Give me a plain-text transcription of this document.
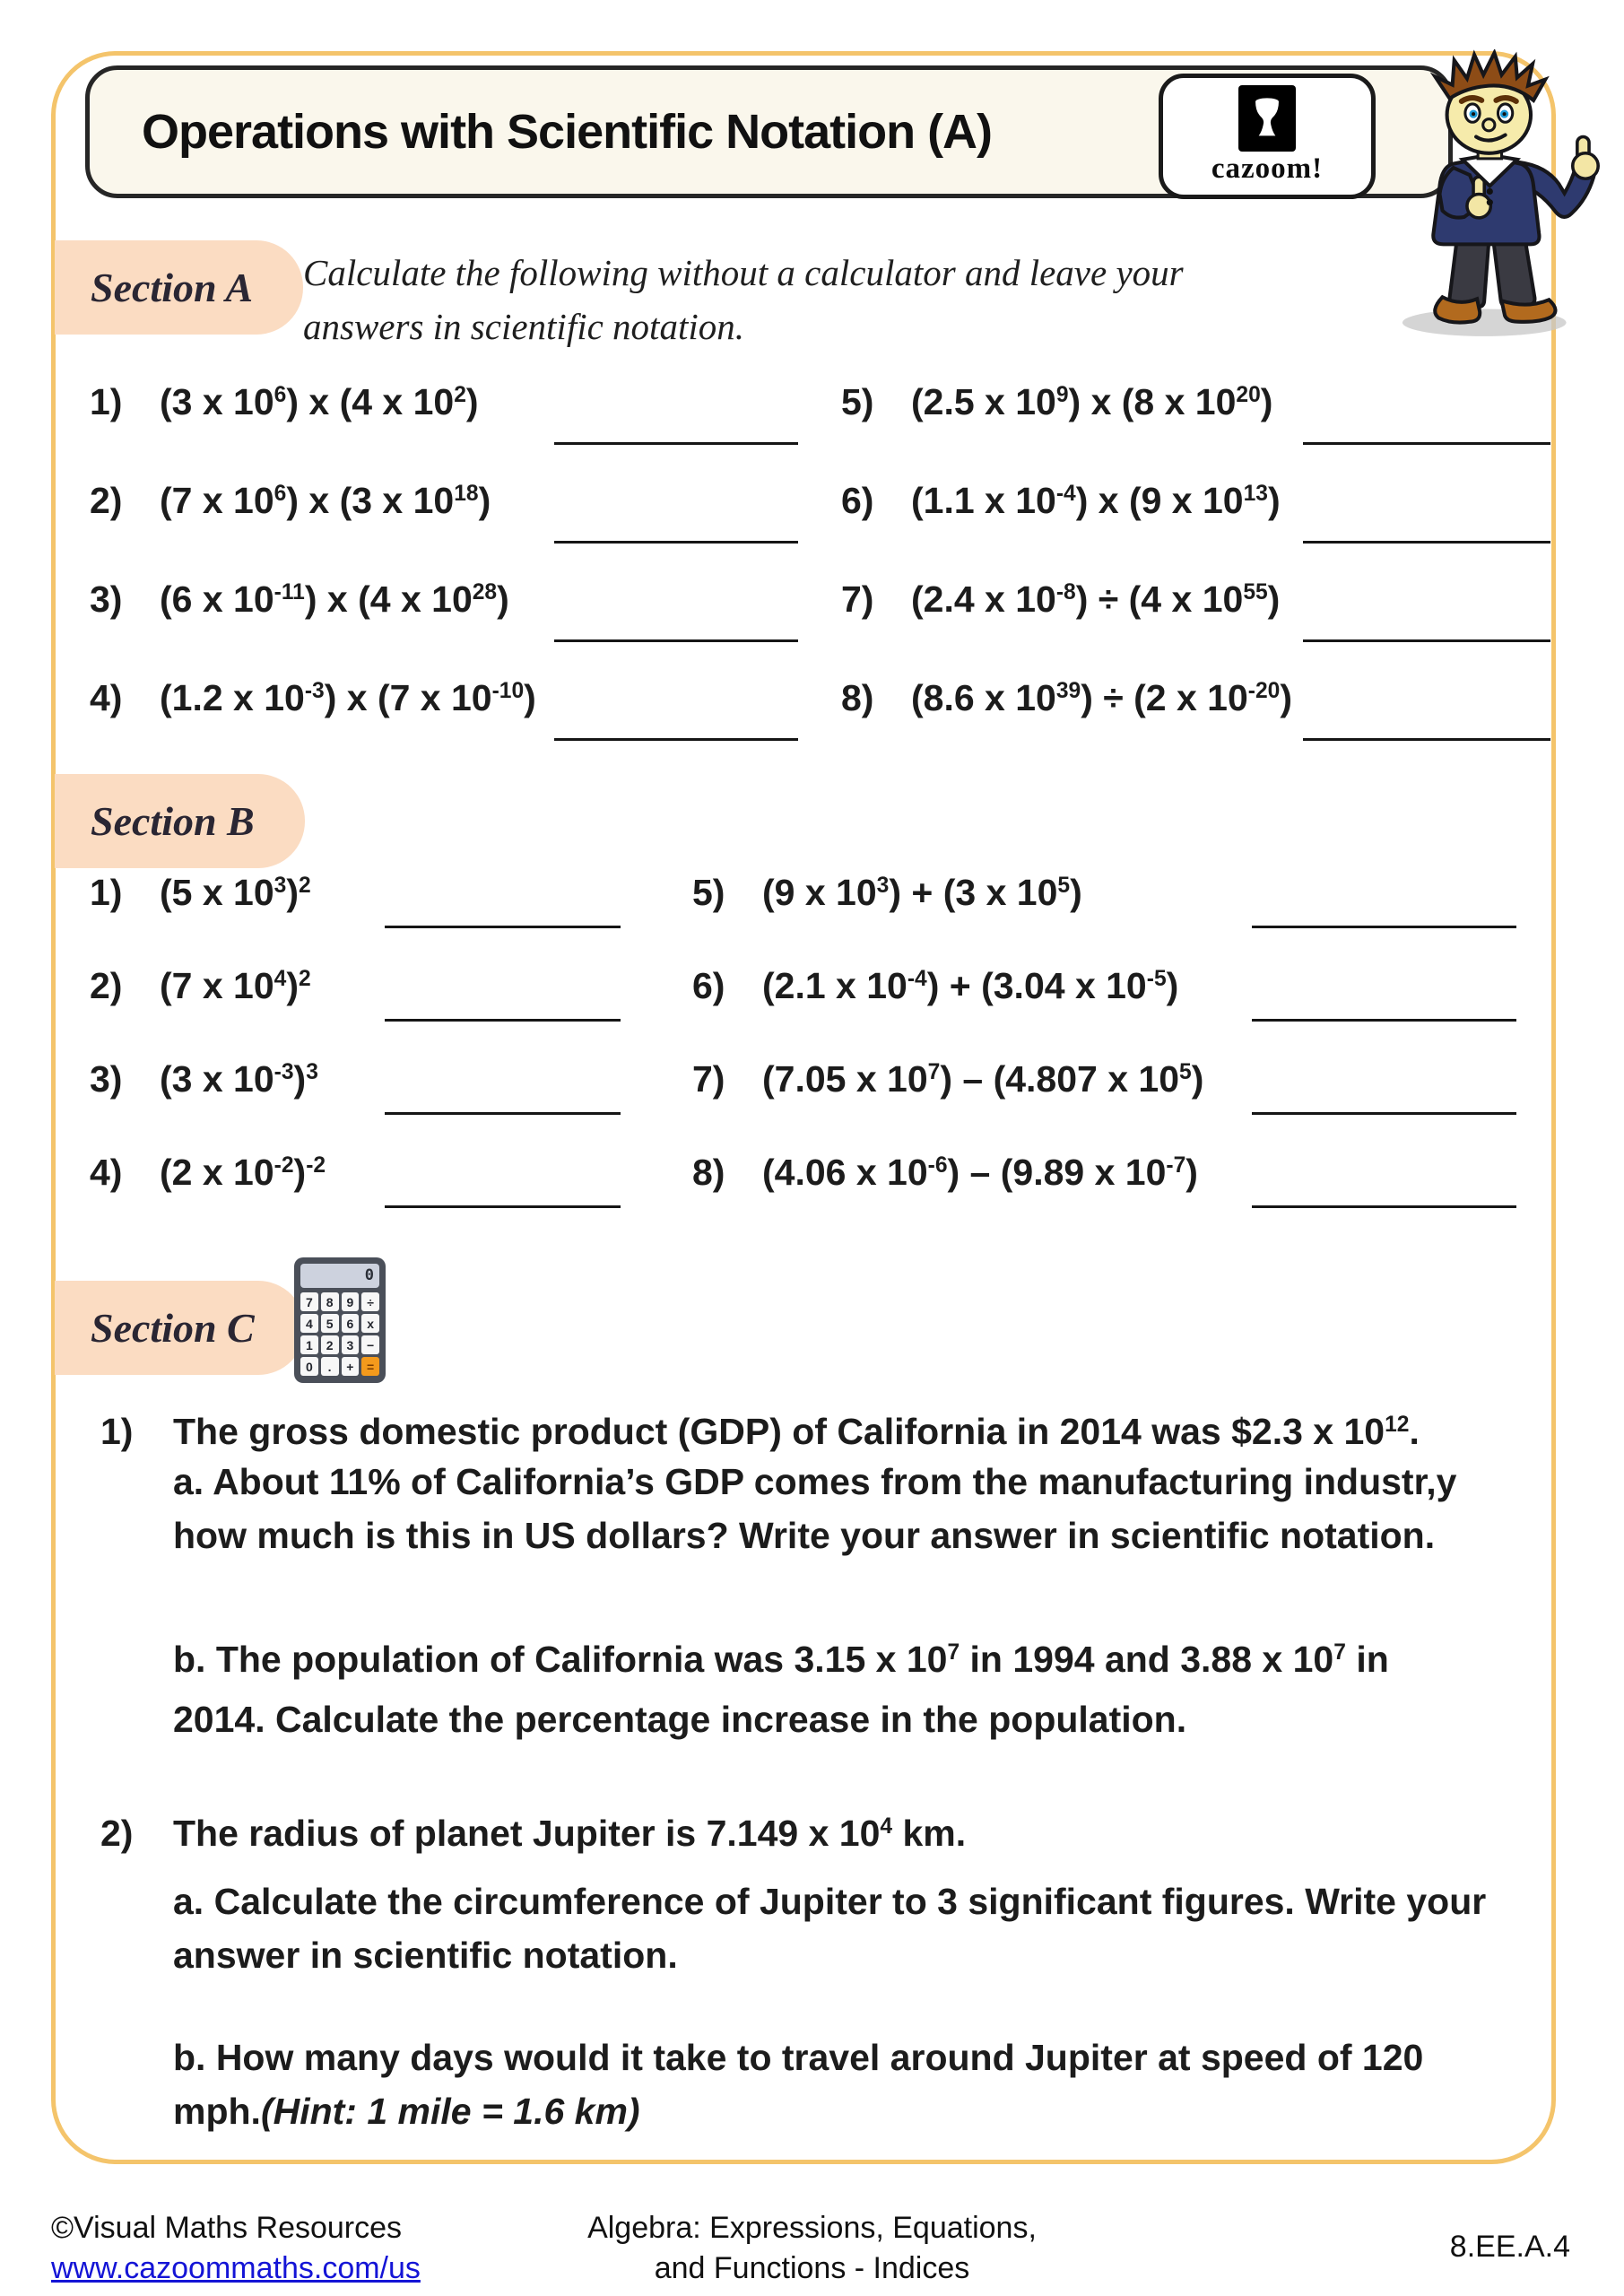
Operations with Scientific Notation (A)
cazoom!
Section A Calculate the following without a calculator and leave your
answers in scientific notation.
1) (3 x $10^6$) x (4 x $10^2$)
2) (7 x $10^6$) x (3 x $10^{18}$)
3) (6 x $10^{-11}$) x (4 x $10^{28}$)
4) (1.2 x $10^{-3}$) x (7 x $10^{-10}$)
5) (2.5 x $10^9$) x (8 x $10^{20}$)
6) (1.1 x $10^{-4}$) x (9 x $10^{13}$)
7) (2.4 x $10^{-8}) \div (4$ x $10^{55}$)
8) (8.6 x $10^{39}) \div (2$ x $10^{-20}$)
Section B
1) (5 x $10^3)^2$
2) (7 x $10^4)^2$
3) (3 x $10^{-3})^3$
4) (2 x $10^{-2})^{-2}$
5) (9 x $10^3) + (3$ x $10^5$)
6) (2.1 x $10^{-4}) + (3.04$ x $10^{-5}$)
7) (7.05 x $10^7) - (4.807$ x $10^5$)
8) (4.06 x $10^{-6}) - (9.89$ x $10^{-7}$)
Section C
0
7	8	9	÷
4	5	6	x
1	2	3	−
0	.	+	=
1)	The gross domestic product (GDP) of California in 2014 was $2.3 x $10^{12}$.
a. About 11% of California’s GDP comes from the manufacturing industr,y
how much is this in US dollars? Write your answer in scientific notation.
b. The population of California was 3.15 x $10^7$ in 1994 and 3.88 x $10^7$ in
2014. Calculate the percentage increase in the population.
2)	The radius of planet Jupiter is 7.149 x $10^4$ km.
a. Calculate the circumference of Jupiter to 3 significant figures. Write your
answer in scientific notation.
b. How many days would it take to travel around Jupiter at speed of 120
mph.(Hint: 1 mile = 1.6 km)
©Visual Maths Resources
www.cazoommaths.com/us
Algebra: Expressions, Equations,
and Functions - Indices
8.EE.A.4
